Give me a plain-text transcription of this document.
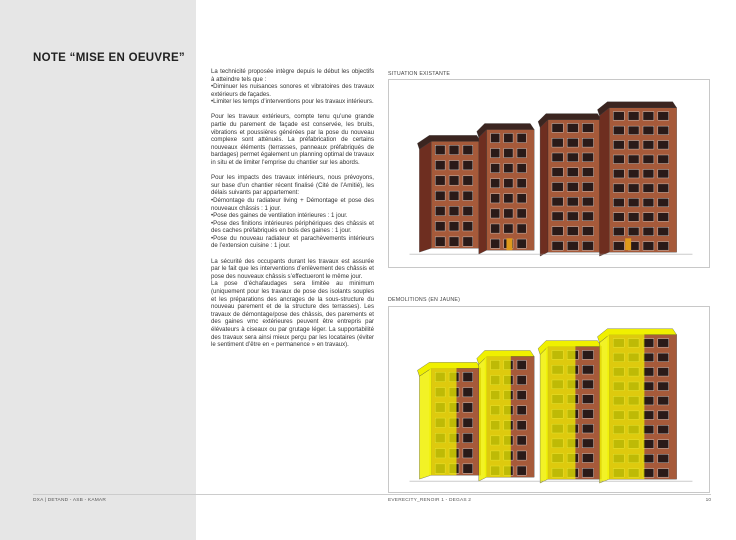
NOTE “MISE EN OEUVRE”

La technicité proposée intègre depuis le début les objectifs à atteindre tels que :
•Diminuer les nuisances sonores et vibratoires des travaux extérieurs de façades.
•Limiter les temps d’interventions pour les travaux intérieurs.

Pour les travaux extérieurs, compte tenu qu’une grande partie du parement de façade est conservée, les bruits, vibrations et poussières générées par la pose du nouveau complexe sont atténués. La préfabrication de certains nouveaux éléments (terrasses, panneaux préfabriqués de bardages) permet également un planning optimal de travaux in situ et de limiter l’emprise du chantier sur les abords.

Pour les impacts des travaux intérieurs, nous prévoyons, sur base d’un chantier récent finalisé (Cité de l’Amitié), les délais suivants par appartement:
•Démontage du radiateur living + Démontage et pose des nouveaux châssis : 1 jour.
•Pose des gaines de ventilation intérieures : 1 jour.
•Pose des finitions intérieures périphériques des châssis et des caches préfabriqués en bois des gaines : 1 jour.
•Pose du nouveau radiateur et parachèvements intérieurs de l’extension cuisine : 1 jour.

La sécurité des occupants durant les travaux est assurée par le fait que les interventions d’enlèvement des châssis et pose des nouveaux châssis s’effectueront le même jour.
La pose d’échafaudages sera limitée au minimum (uniquement pour les travaux de pose des isolants souples et les préparations des ancrages de la sous-structure du nouveau parement et de la structure des terrasses). Les travaux de démontage/pose des châssis, des parements et des gaines vmc extérieures peuvent être entrepris par élévateurs à ciseaux ou par grutage léger. La supportabilité des travaux sera ainsi mieux perçu par les locataires (éviter le sentiment d’être en « permanence » en travaux).

SITUATION EXISTANTE
DEMOLITIONS (EN JAUNE)
DXA | DETAND - ASB - KAMAR	EVERECITY_RENOIR 1 - DEGAS 2	10
